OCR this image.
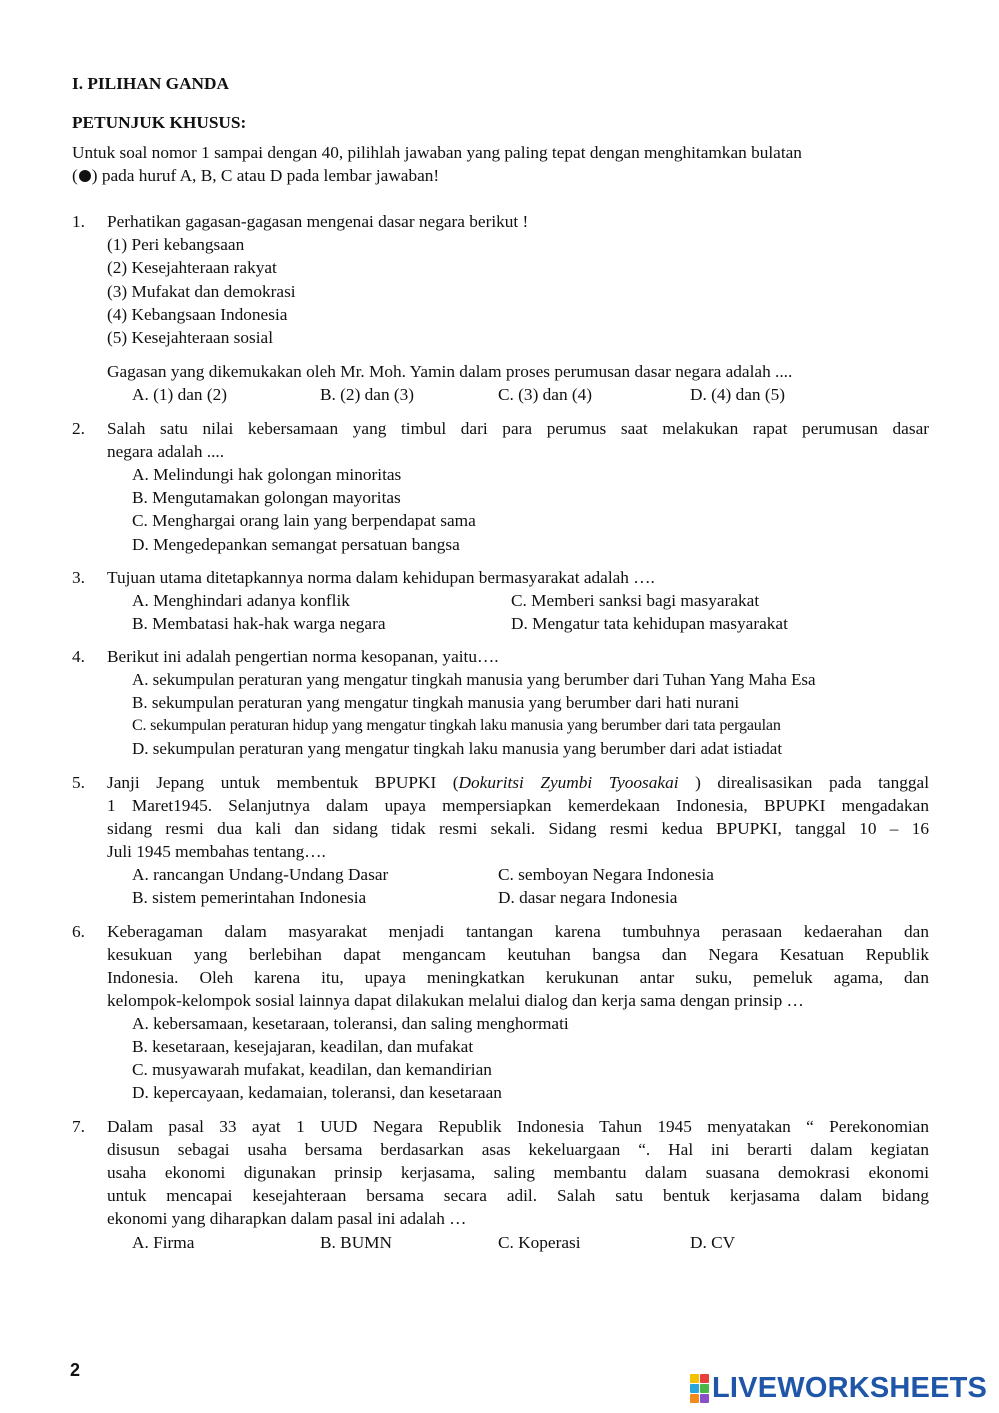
I. PILIHAN GANDA
PETUNJUK KHUSUS:
Untuk soal nomor 1 sampai dengan 40, pilihlah jawaban yang paling tepat dengan menghitamkan bulatan
( ) pada huruf A, B, C atau D pada lembar jawaban!
1. Perhatikan gagasan-gagasan mengenai dasar negara berikut !
(1) Peri kebangsaan
(2) Kesejahteraan rakyat
(3) Mufakat dan demokrasi
(4) Kebangsaan Indonesia
(5) Kesejahteraan sosial
Gagasan yang dikemukakan oleh Mr. Moh. Yamin dalam proses perumusan dasar negara adalah ....
A. (1) dan (2)	B. (2) dan (3)	C. (3) dan (4)	D. (4) dan (5)
2. Salah satu nilai kebersamaan yang timbul dari para perumus saat melakukan rapat perumusan dasar
negara adalah ....
A. Melindungi hak golongan minoritas
B. Mengutamakan golongan mayoritas
C. Menghargai orang lain yang berpendapat sama
D. Mengedepankan semangat persatuan bangsa
3. Tujuan utama ditetapkannya norma dalam kehidupan bermasyarakat adalah ….
A. Menghindari adanya konflik	C. Memberi sanksi bagi masyarakat
B. Membatasi hak-hak warga negara	D. Mengatur tata kehidupan masyarakat
4. Berikut ini adalah pengertian norma kesopanan, yaitu….
A. sekumpulan peraturan yang mengatur tingkah manusia yang berumber dari Tuhan Yang Maha Esa
B. sekumpulan peraturan yang mengatur tingkah manusia yang berumber dari hati nurani
C. sekumpulan peraturan hidup yang mengatur tingkah laku manusia yang berumber dari tata pergaulan
D. sekumpulan peraturan yang mengatur tingkah laku manusia yang berumber dari adat istiadat
5. Janji Jepang untuk membentuk BPUPKI (Dokuritsi Zyumbi Tyoosakai ) direalisasikan pada tanggal
1 Maret1945. Selanjutnya dalam upaya mempersiapkan kemerdekaan Indonesia, BPUPKI mengadakan
sidang resmi dua kali dan sidang tidak resmi sekali. Sidang resmi kedua BPUPKI, tanggal 10 – 16
Juli 1945 membahas tentang….
A. rancangan Undang-Undang Dasar	C. semboyan Negara Indonesia
B. sistem pemerintahan Indonesia	D. dasar negara Indonesia
6. Keberagaman dalam masyarakat menjadi tantangan karena tumbuhnya perasaan kedaerahan dan
kesukuan yang berlebihan dapat mengancam keutuhan bangsa dan Negara Kesatuan Republik
Indonesia. Oleh karena itu, upaya meningkatkan kerukunan antar suku, pemeluk agama, dan
kelompok-kelompok sosial lainnya dapat dilakukan melalui dialog dan kerja sama dengan prinsip …
A. kebersamaan, kesetaraan, toleransi, dan saling menghormati
B. kesetaraan, kesejajaran, keadilan, dan mufakat
C. musyawarah mufakat, keadilan, dan kemandirian
D. kepercayaan, kedamaian, toleransi, dan kesetaraan
7. Dalam pasal 33 ayat 1 UUD Negara Republik Indonesia Tahun 1945 menyatakan “ Perekonomian
disusun sebagai usaha bersama berdasarkan asas kekeluargaan “. Hal ini berarti dalam kegiatan
usaha ekonomi digunakan prinsip kerjasama, saling membantu dalam suasana demokrasi ekonomi
untuk mencapai kesejahteraan bersama secara adil. Salah satu bentuk kerjasama dalam bidang
ekonomi yang diharapkan dalam pasal ini adalah …
A. Firma	B. BUMN	C. Koperasi	D. CV
2
LIVEWORKSHEETS
